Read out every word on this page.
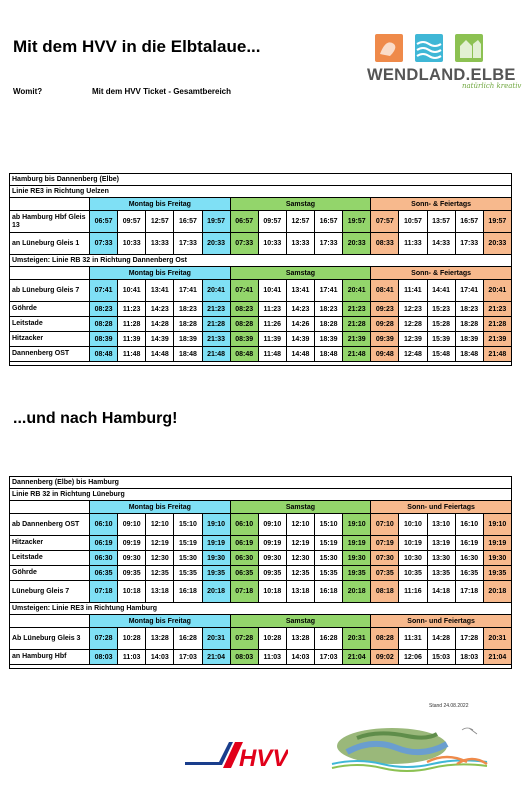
Mit dem HVV in die Elbtalaue...
Womit?	Mit dem HVV Ticket - Gesamtbereich
WENDLAND.ELBE
natürlich kreativ
Hamburg bis Dannenberg (Elbe)															
Linie RE3 in Richtung Uelzen															
	Montag bis Freitag					Samstag					Sonn- & Feiertags				
ab Hamburg Hbf Gleis 13	06:57	09:57	12:57	16:57	19:57	06:57	09:57	12:57	16:57	19:57	07:57	10:57	13:57	16:57	19:57
an Lüneburg Gleis 1	07:33	10:33	13:33	17:33	20:33	07:33	10:33	13:33	17:33	20:33	08:33	11:33	14:33	17:33	20:33
Umsteigen: Linie RB 32 in Richtung Dannenberg Ost															
	Montag bis Freitag					Samstag					Sonn- & Feiertags				
ab Lüneburg Gleis 7	07:41	10:41	13:41	17:41	20:41	07:41	10:41	13:41	17:41	20:41	08:41	11:41	14:41	17:41	20:41
Göhrde	08:23	11:23	14:23	18:23	21:23	08:23	11:23	14:23	18:23	21:23	09:23	12:23	15:23	18:23	21:23
Leitstade	08:28	11:28	14:28	18:28	21:28	08:28	11:26	14:26	18:28	21:28	09:28	12:28	15:28	18:28	21:28
Hitzacker	08:39	11:39	14:39	18:39	21:33	08:39	11:39	14:39	18:39	21:39	09:39	12:39	15:39	18:39	21:39
Dannenberg OST	08:48	11:48	14:48	18:48	21:48	08:48	11:48	14:48	18:48	21:48	09:48	12:48	15:48	18:48	21:48

...und nach Hamburg!
Dannenberg (Elbe) bis Hamburg															
Linie RB 32 in Richtung Lüneburg															
	Montag bis Freitag					Samstag					Sonn- und Feiertags				
ab Dannenberg OST	06:10	09:10	12:10	15:10	19:10	06:10	09:10	12:10	15:10	19:10	07:10	10:10	13:10	16:10	19:10
Hitzacker	06:19	09:19	12:19	15:19	19:19	06:19	09:19	12:19	15:19	19:19	07:19	10:19	13:19	16:19	19:19
Leitstade	06:30	09:30	12:30	15:30	19:30	06:30	09:30	12:30	15:30	19:30	07:30	10:30	13:30	16:30	19:30
Göhrde	06:35	09:35	12:35	15:35	19:35	06:35	09:35	12:35	15:35	19:35	07:35	10:35	13:35	16:35	19:35
Lüneburg Gleis 7	07:18	10:18	13:18	16:18	20:18	07:18	10:18	13:18	16:18	20:18	08:18	11:16	14:18	17:18	20:18
Umsteigen: Linie RE3 in Richtung Hamburg															
	Montag bis Freitag					Samstag					Sonn- und Feiertags				
Ab Lüneburg Gleis 3	07:28	10:28	13:28	16:28	20:31	07:28	10:28	13:28	16:28	20:31	08:28	11:31	14:28	17:28	20:31
an Hamburg Hbf	08:03	11:03	14:03	17:03	21:04	08:03	11:03	14:03	17:03	21:04	09:02	12:06	15:03	18:03	21:04

Stand 24.08.2022
HVV
